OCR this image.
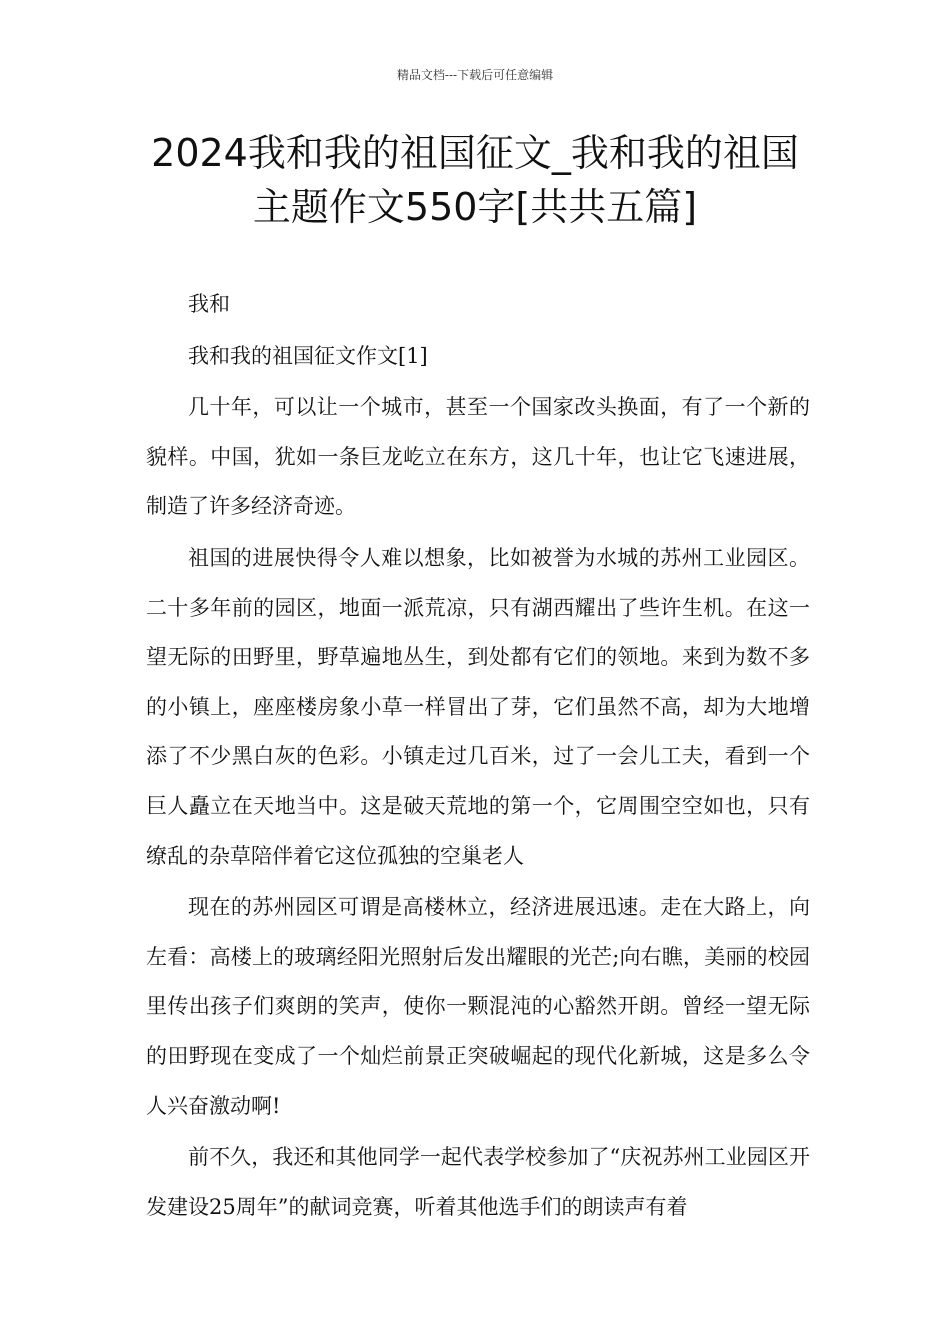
精品文档---下载后可任意编辑
2024我和我的祖国征文_我和我的祖国
主题作文550字[共共五篇]

我和

我和我的祖国征文作文[1]

几十年，可以让一个城市，甚至一个国家改头换面，有了一个新的貌样。中国，犹如一条巨龙屹立在东方，这几十年，也让它飞速进展，制造了许多经济奇迹。

祖国的进展快得令人难以想象，比如被誉为水城的苏州工业园区。二十多年前的园区，地面一派荒凉，只有湖西耀出了些许生机。在这一望无际的田野里，野草遍地丛生，到处都有它们的领地。来到为数不多的小镇上，座座楼房象小草一样冒出了芽，它们虽然不高，却为大地增添了不少黑白灰的色彩。小镇走过几百米，过了一会儿工夫，看到一个巨人矗立在天地当中。这是破天荒地的第一个，它周围空空如也，只有缭乱的杂草陪伴着它这位孤独的空巢老人

现在的苏州园区可谓是高楼林立，经济进展迅速。走在大路上，向左看：高楼上的玻璃经阳光照射后发出耀眼的光芒;向右瞧，美丽的校园里传出孩子们爽朗的笑声，使你一颗混沌的心豁然开朗。曾经一望无际的田野现在变成了一个灿烂前景正突破崛起的现代化新城，这是多么令人兴奋激动啊!

前不久，我还和其他同学一起代表学校参加了“庆祝苏州工业园区开发建设25周年”的献词竞赛，听着其他选手们的朗读声有着
